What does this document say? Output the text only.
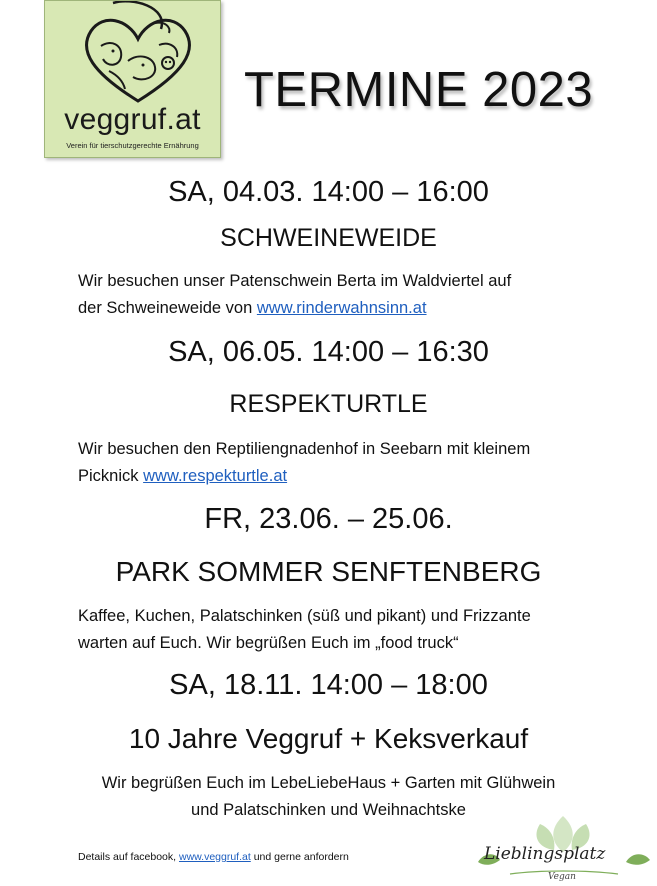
veggruf.at
Verein für tierschutzgerechte Ernährung
TERMINE 2023
SA, 04.03. 14:00 – 16:00
SCHWEINEWEIDE
Wir besuchen unser Patenschwein Berta im Waldviertel auf
der Schweineweide von www.rinderwahnsinn.at
SA, 06.05. 14:00 – 16:30
RESPEKTURTLE
Wir besuchen den Reptiliengnadenhof in Seebarn mit kleinem
Picknick www.respekturtle.at
FR, 23.06. – 25.06.
PARK SOMMER SENFTENBERG
Kaffee, Kuchen, Palatschinken (süß und pikant) und Frizzante
warten auf Euch. Wir begrüßen Euch im „food truck“
SA, 18.11. 14:00 – 18:00
10 Jahre Veggruf + Keksverkauf
Wir begrüßen Euch im LebeLiebeHaus + Garten mit Glühwein
und Palatschinken und Weihnachtske
Details auf facebook, www.veggruf.at und gerne anfordern	Lieblingsplatz
Vegan
